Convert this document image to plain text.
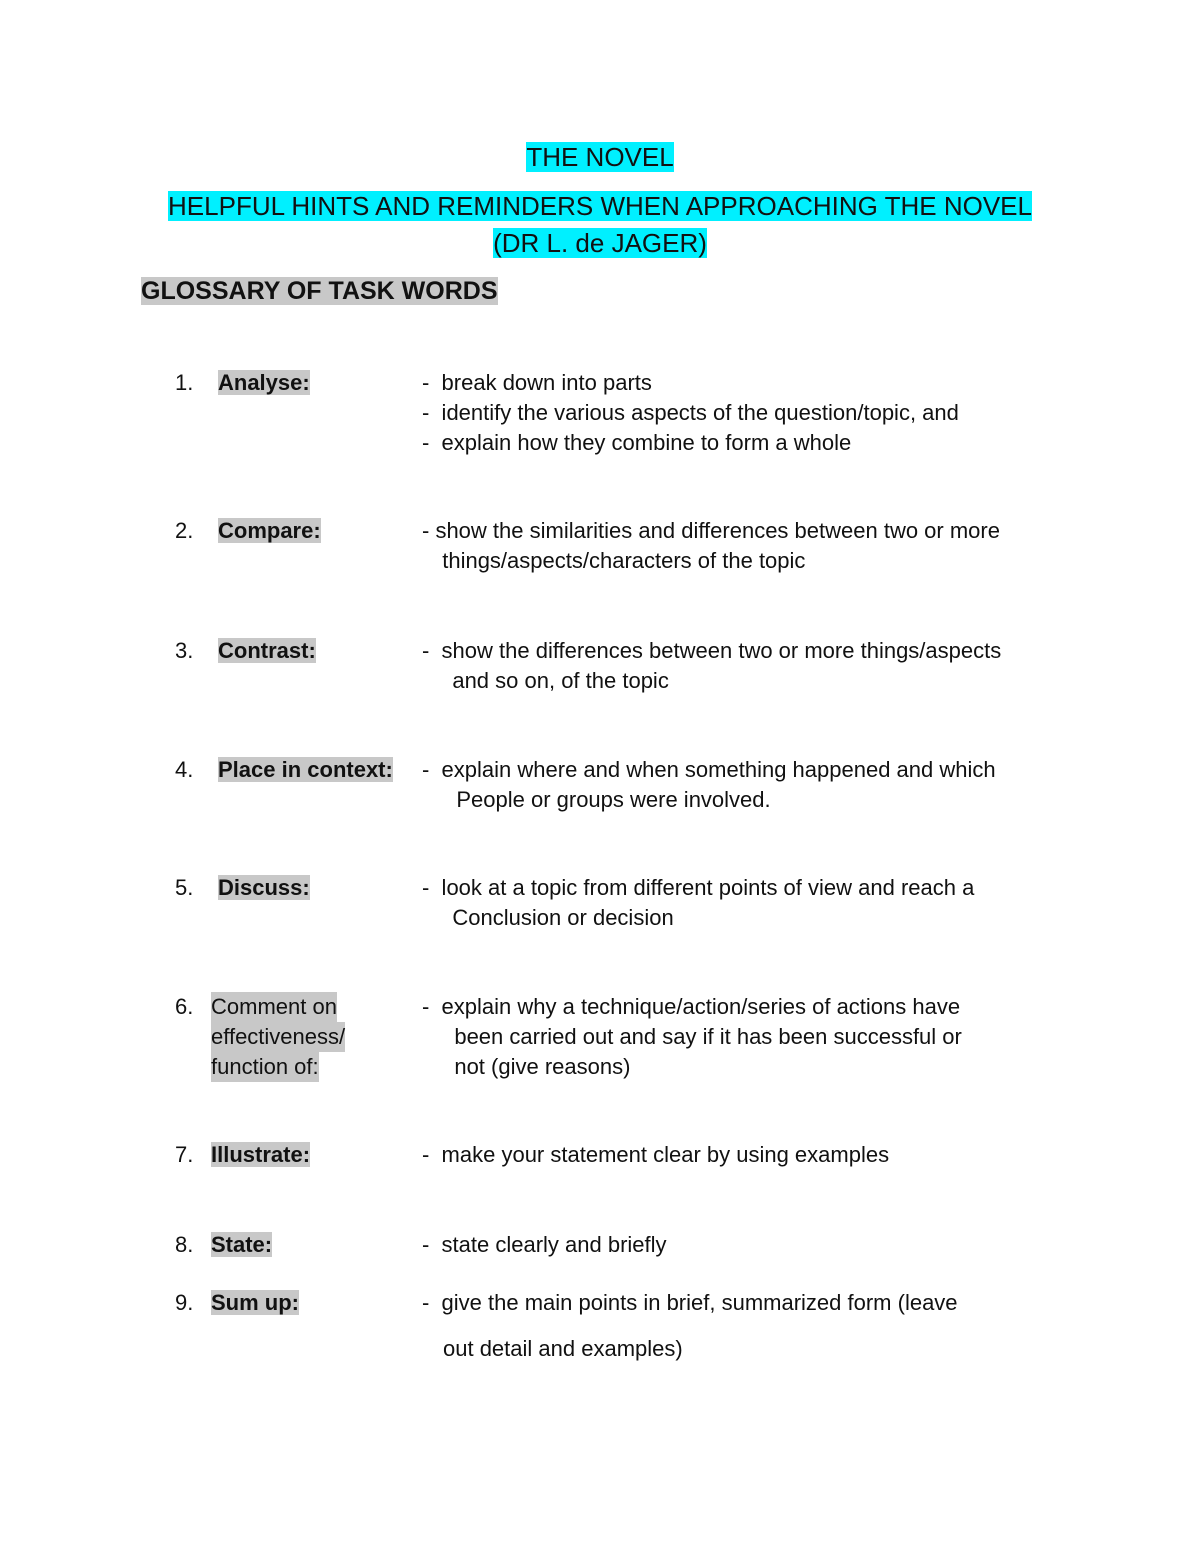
THE NOVEL
HELPFUL HINTS AND REMINDERS WHEN APPROACHING THE NOVEL
(DR L. de JAGER)
GLOSSARY OF TASK WORDS
1. Analyse:	-  break down into parts
-  identify the various aspects of the question/topic, and
-  explain how they combine to form a whole
2. Compare:	- show the similarities and differences between two or more
things/aspects/characters of the topic
3. Contrast:	-  show the differences between two or more things/aspects
and so on, of the topic
4. Place in context: -  explain where and when something happened and which
People or groups were involved.
5. Discuss:	-  look at a topic from different points of view and reach a
Conclusion or decision
6. Comment on
effectiveness/
function of:
-  explain why a technique/action/series of actions have
been carried out and say if it has been successful or
not (give reasons)
7. Illustrate:	-  make your statement clear by using examples
8. State:	-  state clearly and briefly
9. Sum up:	-  give the main points in brief, summarized form (leave
out detail and examples)
